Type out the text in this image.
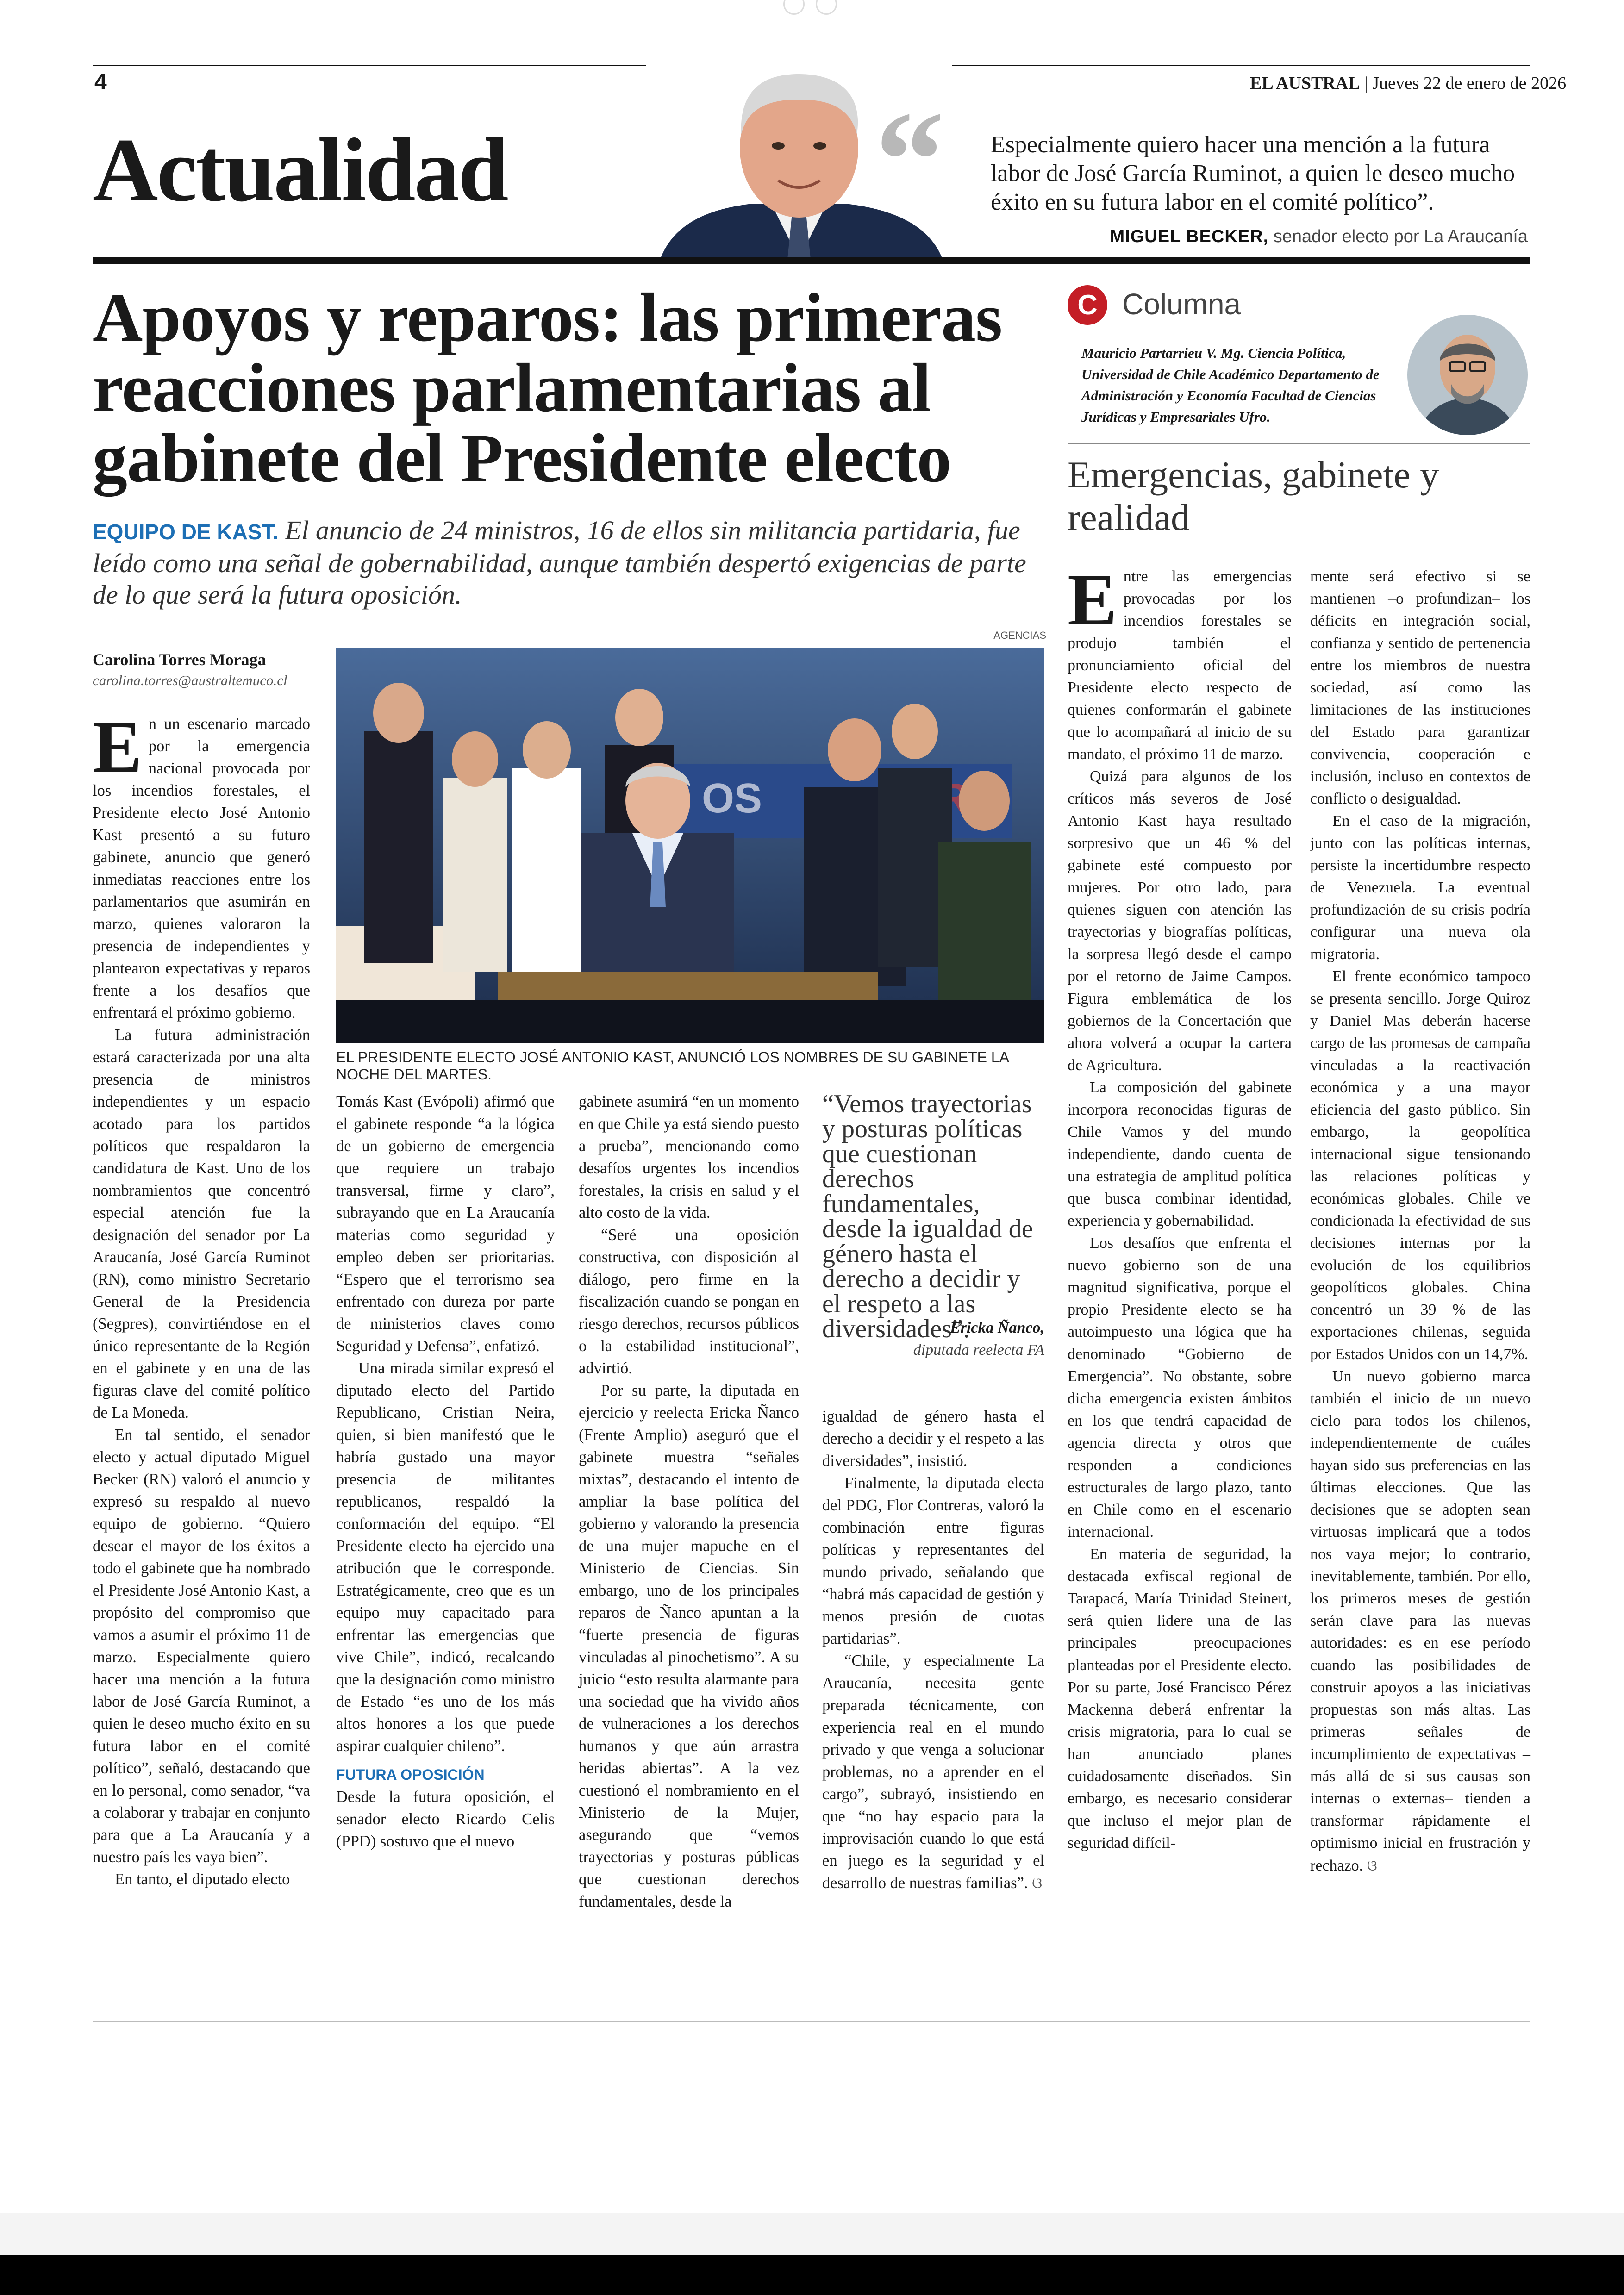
4	EL AUSTRAL | Jueves 22 de enero de 2026
Actualidad	“ Especialmente quiero hacer una mención a la futura labor de José García Ruminot, a quien le deseo mucho éxito en su futura labor en el comité político”.
MIGUEL BECKER, senador electo por La Araucanía
Apoyos y reparos: las primeras reacciones parlamentarias al gabinete del Presidente electo
EQUIPO DE KAST. El anuncio de 24 ministros, 16 de ellos sin militancia partidaria, fue leído como una señal de gobernabilidad, aunque también despertó exigencias de parte de lo que será la futura oposición.
Carolina Torres Moraga
carolina.torres@australtemuco.cl
AGENCIAS
OS
EL PRESIDENTE ELECTO JOSÉ ANTONIO KAST, ANUNCIÓ LOS NOMBRES DE SU GABINETE LA NOCHE DEL MARTES.

En un escenario marcado por la emergencia nacional provocada por los incendios forestales, el Presidente electo José Antonio Kast presentó a su futuro gabinete, anuncio que generó inmediatas reacciones entre los parlamentarios que asumirán en marzo, quienes valoraron la presencia de independientes y plantearon expectativas y reparos frente a los desafíos que enfrentará el próximo gobierno.

La futura administración estará caracterizada por una alta presencia de ministros independientes y un espacio acotado para los partidos políticos que respaldaron la candidatura de Kast. Uno de los nombramientos que concentró especial atención fue la designación del senador por La Araucanía, José García Ruminot (RN), como ministro Secretario General de la Presidencia (Segpres), convirtiéndose en el único representante de la Región en el gabinete y en una de las figuras clave del comité político de La Moneda.

En tal sentido, el senador electo y actual diputado Miguel Becker (RN) valoró el anuncio y expresó su respaldo al nuevo equipo de gobierno. “Quiero desear el mayor de los éxitos a todo el gabinete que ha nombrado el Presidente José Antonio Kast, a propósito del compromiso que vamos a asumir el próximo 11 de marzo. Especialmente quiero hacer una mención a la futura labor de José García Ruminot, a quien le deseo mucho éxito en su futura labor en el comité político”, señaló, destacando que en lo personal, como senador, “va a colaborar y trabajar en conjunto para que a La Araucanía y a nuestro país les vaya bien”.

En tanto, el diputado electo

Tomás Kast (Evópoli) afirmó que el gabinete responde “a la lógica de un gobierno de emergencia que requiere un trabajo transversal, firme y claro”, subrayando que en La Araucanía materias como seguridad y empleo deben ser prioritarias. “Espero que el terrorismo sea enfrentado con dureza por parte de ministerios claves como Seguridad y Defensa”, enfatizó.

Una mirada similar expresó el diputado electo del Partido Republicano, Cristian Neira, quien, si bien manifestó que le habría gustado una mayor presencia de militantes republicanos, respaldó la conformación del equipo. “El Presidente electo ha ejercido una atribución que le corresponde. Estratégicamente, creo que es un equipo muy capacitado para enfrentar las emergencias que vive Chile”, indicó, recalcando que la designación como ministro de Estado “es uno de los más altos honores a los que puede aspirar cualquier chileno”.

FUTURA OPOSICIÓN

Desde la futura oposición, el senador electo Ricardo Celis (PPD) sostuvo que el nuevo

gabinete asumirá “en un momento en que Chile ya está siendo puesto a prueba”, mencionando como desafíos urgentes los incendios forestales, la crisis en salud y el alto costo de la vida.

“Seré una oposición constructiva, con disposición al diálogo, pero firme en la fiscalización cuando se pongan en riesgo derechos, recursos públicos o la estabilidad institucional”, advirtió.

Por su parte, la diputada en ejercicio y reelecta Ericka Ñanco (Frente Amplio) aseguró que el gabinete muestra “señales mixtas”, destacando el intento de ampliar la base política del gobierno y valorando la presencia de una mujer mapuche en el Ministerio de Ciencias. Sin embargo, uno de los principales reparos de Ñanco apuntan a la “fuerte presencia de figuras vinculadas al pinochetismo”. A su juicio “esto resulta alarmante para una sociedad que ha vivido años de vulneraciones a los derechos humanos y que aún arrastra heridas abiertas”. A la vez cuestionó el nombramiento en el Ministerio de la Mujer, asegurando que “vemos trayectorias y posturas públicas que cuestionan derechos fundamentales, desde la

“Vemos trayectorias y posturas políticas que cuestionan derechos fundamentales, desde la igualdad de género hasta el derecho a decidir y el respeto a las diversidades”.
Ericka Ñanco,
diputada reelecta FA

igualdad de género hasta el derecho a decidir y el respeto a las diversidades”, insistió.

Finalmente, la diputada electa del PDG, Flor Contreras, valoró la combinación entre figuras políticas y representantes del mundo privado, señalando que “habrá más capacidad de gestión y menos presión de cuotas partidarias”.

“Chile, y especialmente La Araucanía, necesita gente preparada técnicamente, con experiencia real en el mundo privado y que venga a solucionar problemas, no a aprender en el cargo”, subrayó, insistiendo en que “no hay espacio para la improvisación cuando lo que está en juego es la seguridad y el desarrollo de nuestras familias”. ଓ

C Columna
Mauricio Partarrieu V. Mg. Ciencia Política, Universidad de Chile Académico Departamento de Administración y Economía Facultad de Ciencias Jurídicas y Empresariales Ufro.
Emergencias, gabinete y realidad

Entre las emergencias provocadas por los incendios forestales se produjo también el pronunciamiento oficial del Presidente electo respecto de quienes conformarán el gabinete que lo acompañará al inicio de su mandato, el próximo 11 de marzo.

Quizá para algunos de los críticos más severos de José Antonio Kast haya resultado sorpresivo que un 46 % del gabinete esté compuesto por mujeres. Por otro lado, para quienes siguen con atención las trayectorias y biografías políticas, la sorpresa llegó desde el campo por el retorno de Jaime Campos. Figura emblemática de los gobiernos de la Concertación que ahora volverá a ocupar la cartera de Agricultura.

La composición del gabinete incorpora reconocidas figuras de Chile Vamos y del mundo independiente, dando cuenta de una estrategia de amplitud política que busca combinar identidad, experiencia y gobernabilidad.

Los desafíos que enfrenta el nuevo gobierno son de una magnitud significativa, porque el propio Presidente electo se ha autoimpuesto una lógica que ha denominado “Gobierno de Emergencia”. No obstante, sobre dicha emergencia existen ámbitos en los que tendrá capacidad de agencia directa y otros que responden a condiciones estructurales de largo plazo, tanto en Chile como en el escenario internacional.

En materia de seguridad, la destacada exfiscal regional de Tarapacá, María Trinidad Steinert, será quien lidere una de las principales preocupaciones planteadas por el Presidente electo. Por su parte, José Francisco Pérez Mackenna deberá enfrentar la crisis migratoria, para lo cual se han anunciado planes cuidadosamente diseñados. Sin embargo, es necesario considerar que incluso el mejor plan de seguridad difícil-

mente será efectivo si se mantienen –o profundizan– los déficits en integración social, confianza y sentido de pertenencia entre los miembros de nuestra sociedad, así como las limitaciones de las instituciones del Estado para garantizar convivencia, cooperación e inclusión, incluso en contextos de conflicto o desigualdad.

En el caso de la migración, junto con las políticas internas, persiste la incertidumbre respecto de Venezuela. La eventual profundización de su crisis podría configurar una nueva ola migratoria.

El frente económico tampoco se presenta sencillo. Jorge Quiroz y Daniel Mas deberán hacerse cargo de las promesas de campaña vinculadas a la reactivación económica y a una mayor eficiencia del gasto público. Sin embargo, la geopolítica internacional sigue tensionando las relaciones políticas y económicas globales. Chile ve condicionada la efectividad de sus decisiones internas por la evolución de los equilibrios geopolíticos globales. China concentró un 39 % de las exportaciones chilenas, seguida por Estados Unidos con un 14,7%.

Un nuevo gobierno marca también el inicio de un nuevo ciclo para todos los chilenos, independientemente de cuáles hayan sido sus preferencias en las últimas elecciones. Que las decisiones que se adopten sean virtuosas implicará que a todos nos vaya mejor; lo contrario, inevitablemente, también. Por ello, los primeros meses de gestión serán clave para las nuevas autoridades: es en ese período cuando las posibilidades de construir apoyos a las iniciativas propuestas son más altas. Las primeras señales de incumplimiento de expectativas –más allá de si sus causas son internas o externas– tienden a transformar rápidamente el optimismo inicial en frustración y rechazo. ଓ
